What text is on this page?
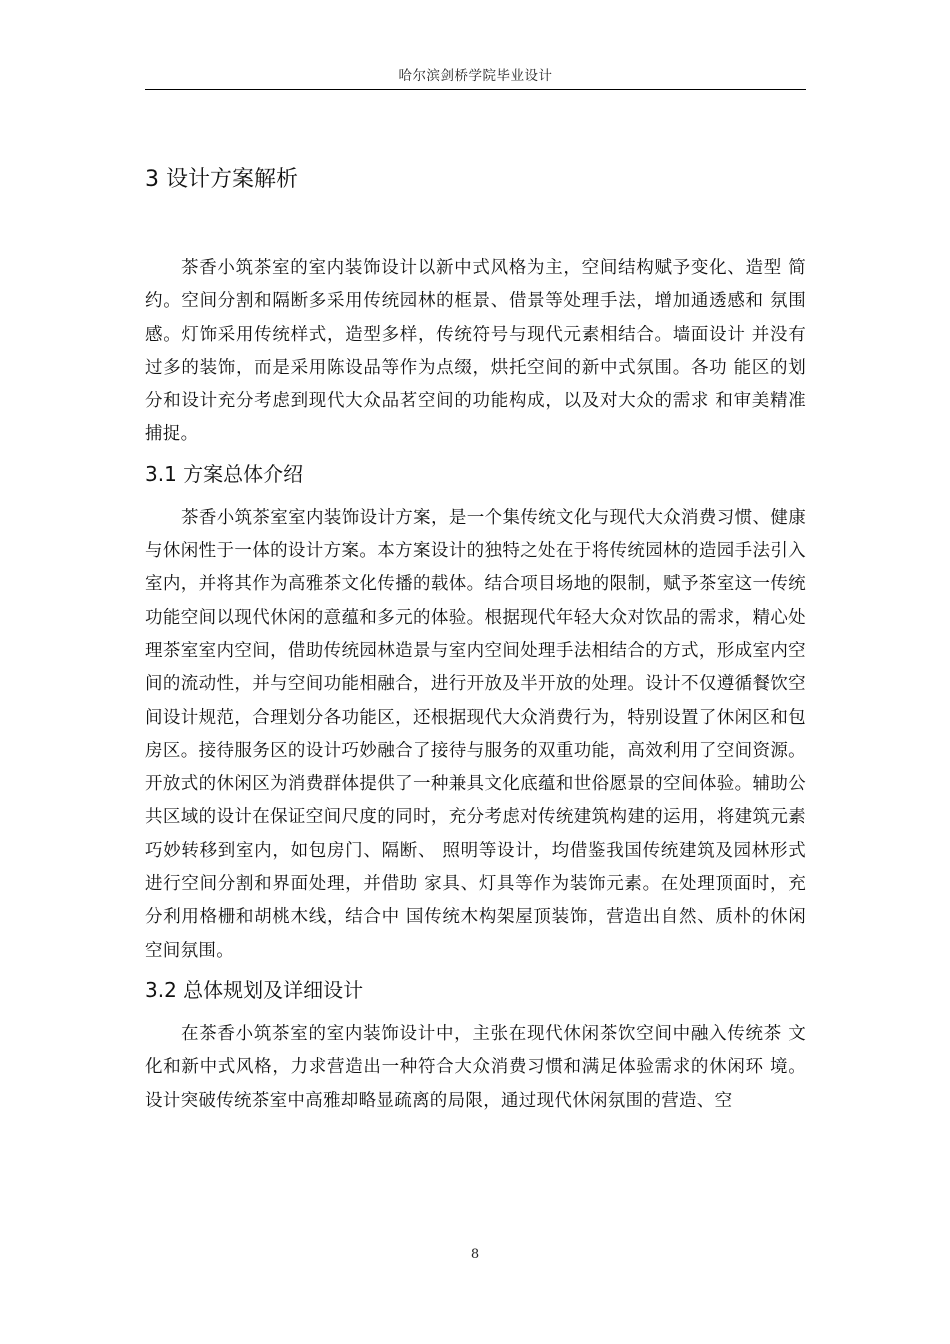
哈尔滨剑桥学院毕业设计
3 设计方案解析

茶香小筑茶室的室内装饰设计以新中式风格为主，空间结构赋予变化、造型 简约。空间分割和隔断多采用传统园林的框景、借景等处理手法，增加通透感和 氛围感。灯饰采用传统样式，造型多样，传统符号与现代元素相结合。墙面设计 并没有过多的装饰，而是采用陈设品等作为点缀，烘托空间的新中式氛围。各功 能区的划分和设计充分考虑到现代大众品茗空间的功能构成，以及对大众的需求 和审美精准捕捉。

3.1 方案总体介绍

茶香小筑茶室室内装饰设计方案，是一个集传统文化与现代大众消费习惯、健康与休闲性于一体的设计方案。本方案设计的独特之处在于将传统园林的造园手法引入室内，并将其作为高雅茶文化传播的载体。结合项目场地的限制，赋予茶室这一传统功能空间以现代休闲的意蕴和多元的体验。根据现代年轻大众对饮品的需求，精心处理茶室室内空间，借助传统园林造景与室内空间处理手法相结合的方式，形成室内空间的流动性，并与空间功能相融合，进行开放及半开放的处理。设计不仅遵循餐饮空间设计规范，合理划分各功能区，还根据现代大众消费行为，特别设置了休闲区和包房区。接待服务区的设计巧妙融合了接待与服务的双重功能，高效利用了空间资源。开放式的休闲区为消费群体提供了一种兼具文化底蕴和世俗愿景的空间体验。辅助公共区域的设计在保证空间尺度的同时，充分考虑对传统建筑构建的运用，将建筑元素巧妙转移到室内，如包房门、隔断、 照明等设计，均借鉴我国传统建筑及园林形式进行空间分割和界面处理，并借助 家具、灯具等作为装饰元素。在处理顶面时，充分利用格栅和胡桃木线，结合中 国传统木构架屋顶装饰，营造出自然、质朴的休闲空间氛围。

3.2 总体规划及详细设计

在茶香小筑茶室的室内装饰设计中，主张在现代休闲茶饮空间中融入传统茶 文化和新中式风格，力求营造出一种符合大众消费习惯和满足体验需求的休闲环 境。设计突破传统茶室中高雅却略显疏离的局限，通过现代休闲氛围的营造、空

8
